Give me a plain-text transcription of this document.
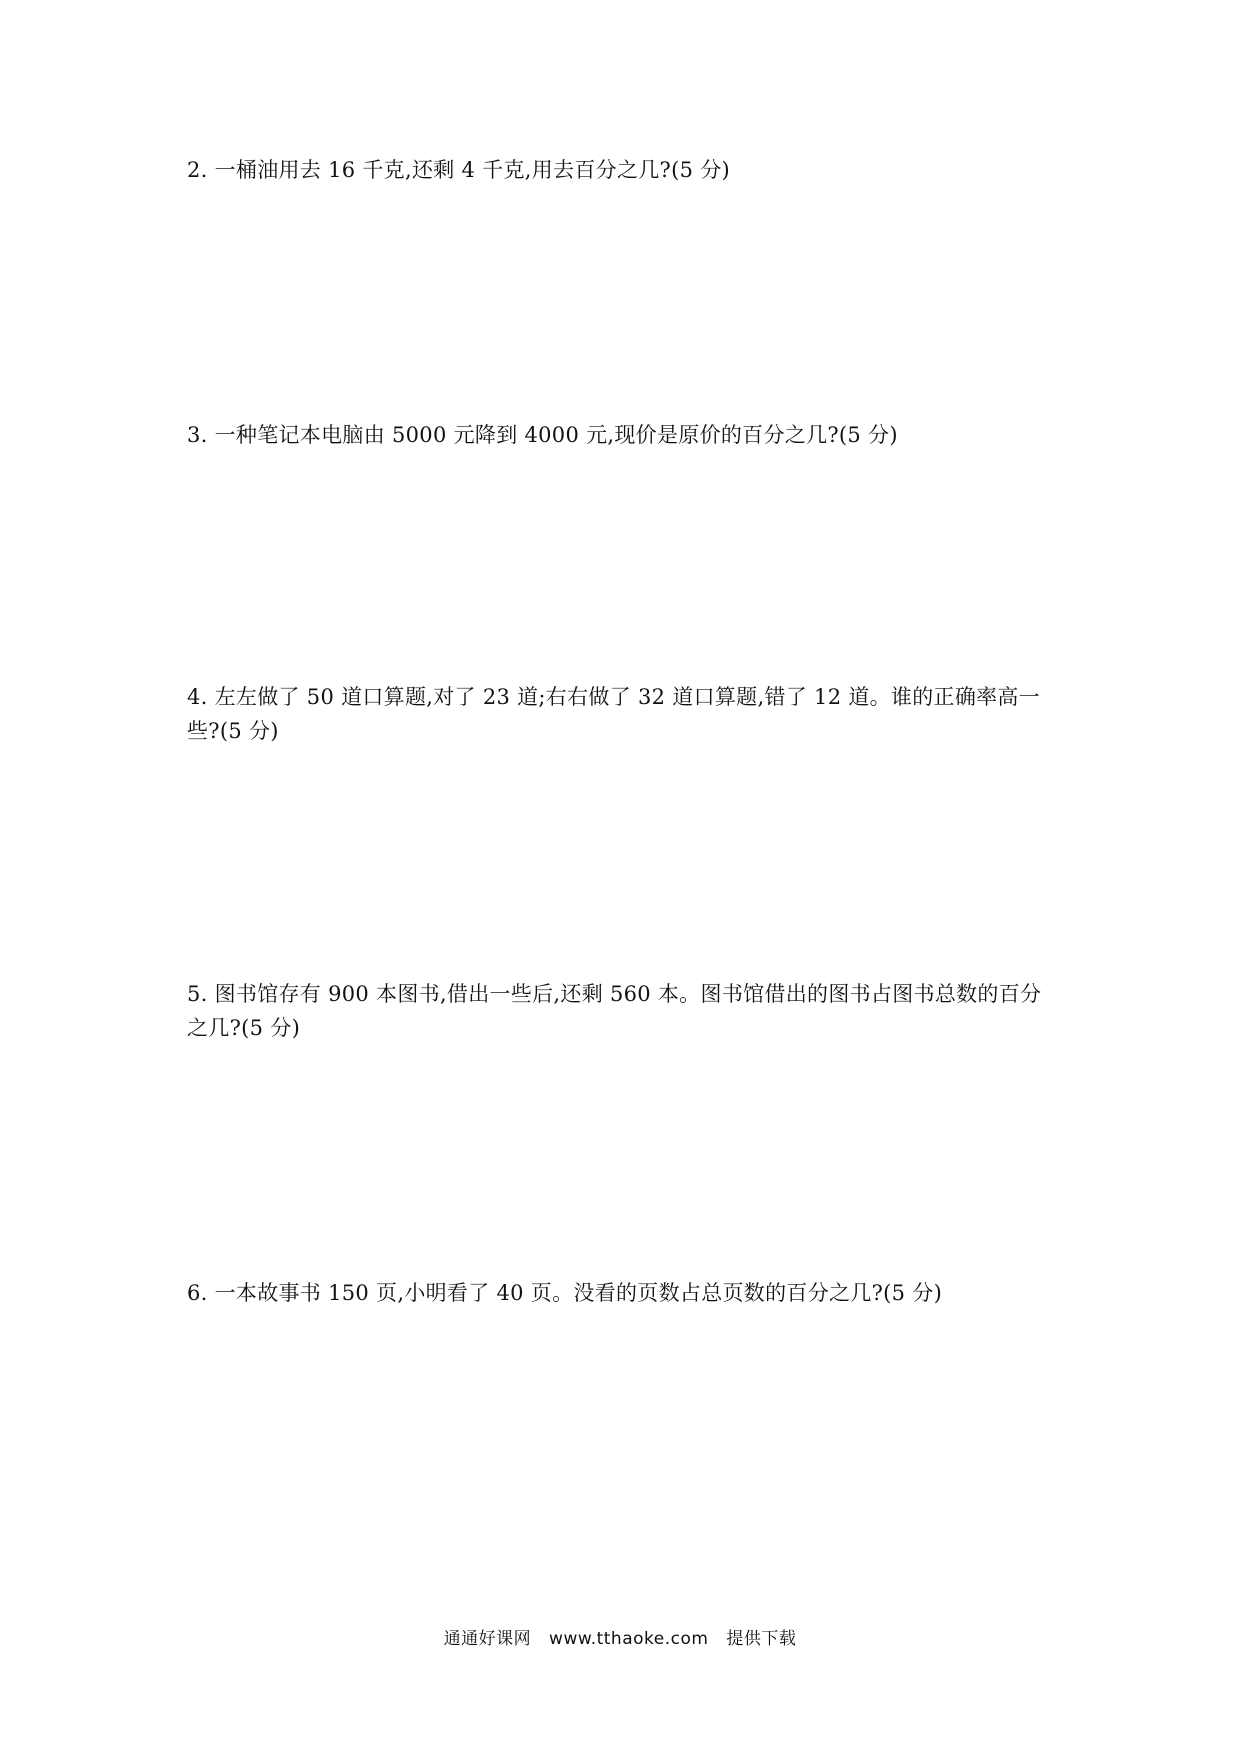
2. 一桶油用去 16 千克,还剩 4 千克,用去百分之几?(5 分)

3. 一种笔记本电脑由 5000 元降到 4000 元,现价是原价的百分之几?(5 分)

4. 左左做了 50 道口算题,对了 23 道;右右做了 32 道口算题,错了 12 道。谁的正确率高一些?(5 分)

5. 图书馆存有 900 本图书,借出一些后,还剩 560 本。图书馆借出的图书占图书总数的百分之几?(5 分)

6. 一本故事书 150 页,小明看了 40 页。没看的页数占总页数的百分之几?(5 分)

通通好课网 www.tthaoke.com 提供下载
